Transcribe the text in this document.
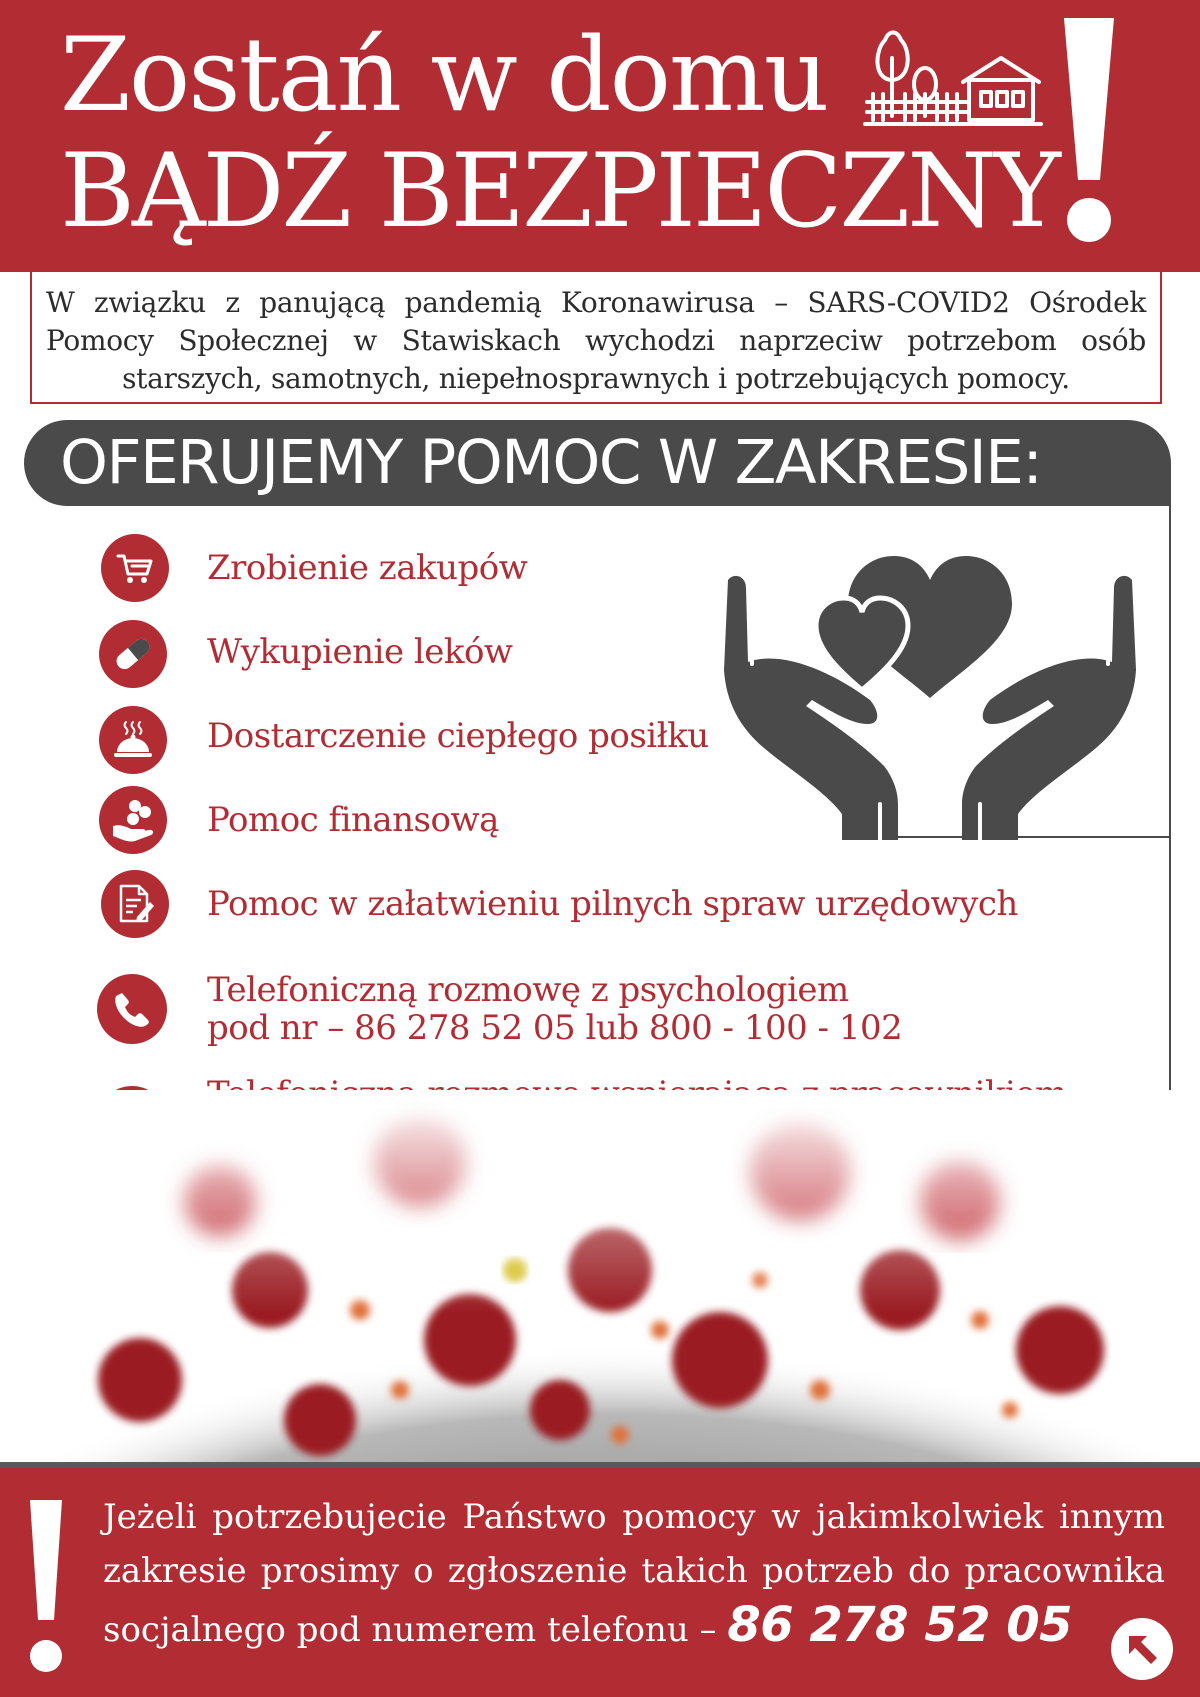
Zostań w domu
BĄDŹ BEZPIECZNY

W związku z panującą pandemią Koronawirusa – SARS-COVID2 Ośrodek Pomocy Społecznej w Stawiskach wychodzi naprzeciw potrzebom osób starszych, samotnych, niepełnosprawnych i potrzebujących pomocy.

OFERUJEMY POMOC W ZAKRESIE:
Zrobienie zakupów
Wykupienie leków
Dostarczenie ciepłego posiłku
Pomoc finansową
Pomoc w załatwieniu pilnych spraw urzędowych
Telefoniczną rozmowę z psychologiem
pod nr – 86 278 52 05 lub 800 - 100 - 102
Jeżeli potrzebujecie Państwo pomocy w jakimkolwiek innym
zakresie prosimy o zgłoszenie takich potrzeb do pracownika
socjalnego pod numerem telefonu – 86 278 52 05
